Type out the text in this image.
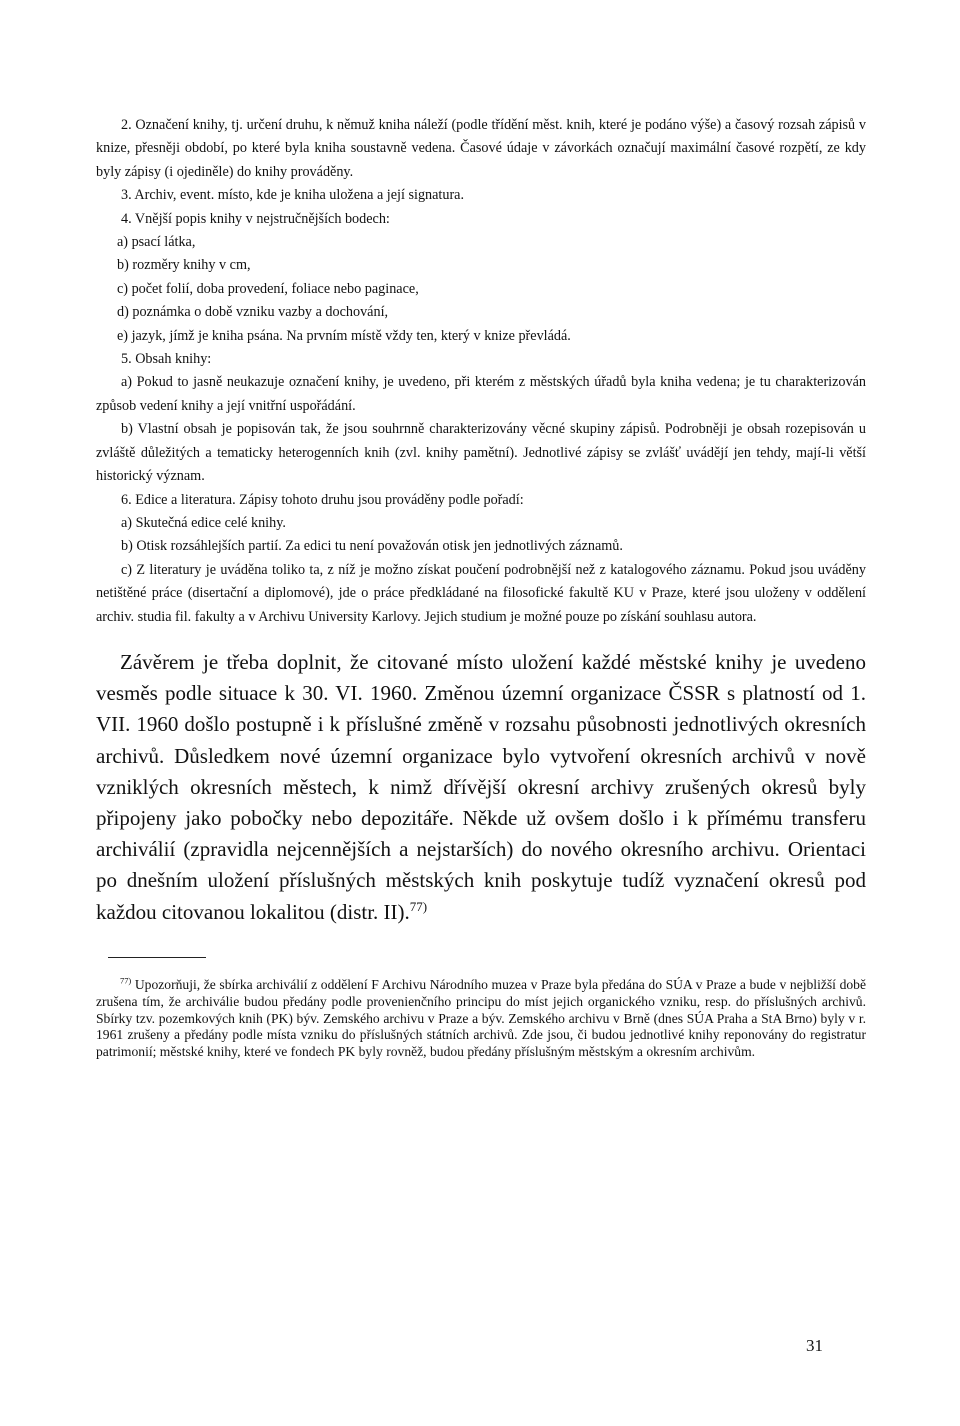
2. Označení knihy, tj. určení druhu, k němuž kniha náleží (podle třídění měst. knih, které je podáno výše) a časový rozsah zápisů v knize, přesněji období, po které byla kniha soustavně vedena. Časové údaje v závorkách označují maximální časové rozpětí, ze kdy byly zápisy (i ojediněle) do knihy prováděny.

3. Archiv, event. místo, kde je kniha uložena a její signatura.

4. Vnější popis knihy v nejstručnějších bodech:

a) psací látka,

b) rozměry knihy v cm,

c) počet folií, doba provedení, foliace nebo paginace,

d) poznámka o době vzniku vazby a dochování,

e) jazyk, jímž je kniha psána. Na prvním místě vždy ten, který v knize převládá.

5. Obsah knihy:

a) Pokud to jasně neukazuje označení knihy, je uvedeno, při kterém z městských úřadů byla kniha vedena; je tu charakterizován způsob vedení knihy a její vnitřní uspořádání.

b) Vlastní obsah je popisován tak, že jsou souhrnně charakterizovány věcné skupiny zápisů. Podrobněji je obsah rozepisován u zvláště důležitých a tematicky heterogenních knih (zvl. knihy pamětní). Jednotlivé zápisy se zvlášť uvádějí jen tehdy, mají-li větší historický význam.

6. Edice a literatura. Zápisy tohoto druhu jsou prováděny podle pořadí:

a) Skutečná edice celé knihy.

b) Otisk rozsáhlejších partií. Za edici tu není považován otisk jen jednotlivých záznamů.

c) Z literatury je uváděna toliko ta, z níž je možno získat poučení podrobnější než z katalogového záznamu. Pokud jsou uváděny netištěné práce (disertační a diplomové), jde o práce předkládané na filosofické fakultě KU v Praze, které jsou uloženy v oddělení archiv. studia fil. fakulty a v Archivu University Karlovy. Jejich studium je možné pouze po získání souhlasu autora.

Závěrem je třeba doplnit, že citované místo uložení každé městské knihy je uvedeno vesměs podle situace k 30. VI. 1960. Změnou územní organizace ČSSR s platností od 1. VII. 1960 došlo postupně i k příslušné změně v rozsahu působnosti jednotlivých okresních archivů. Důsledkem nové územní organizace bylo vytvoření okresních archivů v nově vzniklých okresních městech, k nimž dřívější okresní archivy zrušených okresů byly připojeny jako pobočky nebo depozitáře. Někde už ovšem došlo i k přímému transferu archiválií (zpravidla nejcennějších a nejstarších) do nového okresního archivu. Orientaci po dnešním uložení příslušných městských knih poskytuje tudíž vyznačení okresů pod každou citovanou lokalitou (distr. II).$^{77)}$

$^{77)}$ Upozorňuji, že sbírka archiválií z oddělení F Archivu Národního muzea v Praze byla předána do SÚA v Praze a bude v nejbližší době zrušena tím, že archiválie budou předány podle provenienčního principu do míst jejich organického vzniku, resp. do příslušných archivů. Sbírky tzv. pozemkových knih (PK) býv. Zemského archivu v Praze a býv. Zemského archivu v Brně (dnes SÚA Praha a StA Brno) byly v r. 1961 zrušeny a předány podle místa vzniku do příslušných státních archivů. Zde jsou, či budou jednotlivé knihy reponovány do registratur patrimonií; městské knihy, které ve fondech PK byly rovněž, budou předány příslušným městským a okresním archivům.

31
